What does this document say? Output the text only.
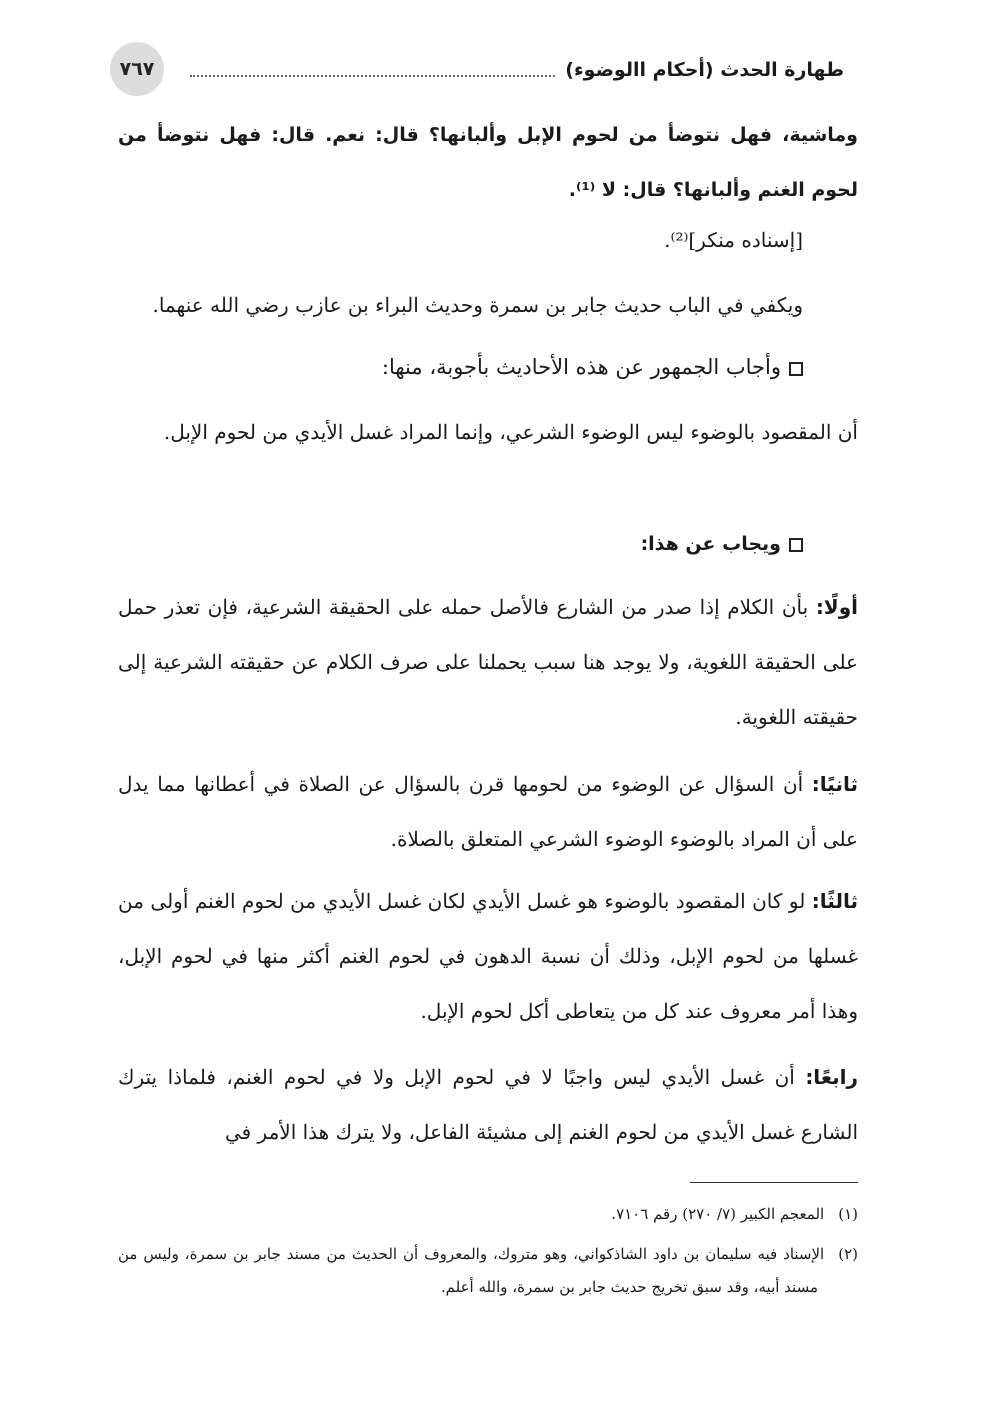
٧٦٧	طهارة الحدث (أحكام االوضوء)
وماشية، فهل نتوضأ من لحوم الإبل وألبانها؟ قال: نعم. قال: فهل نتوضأ من لحوم الغنم وألبانها؟ قال: لا ⁽¹⁾.
[إسناده منكر]⁽²⁾.
ويكفي في الباب حديث جابر بن سمرة وحديث البراء بن عازب رضي الله عنهما.
وأجاب الجمهور عن هذه الأحاديث بأجوبة، منها:
أن المقصود بالوضوء ليس الوضوء الشرعي، وإنما المراد غسل الأيدي من لحوم الإبل.
ويجاب عن هذا:
أولًا: بأن الكلام إذا صدر من الشارع فالأصل حمله على الحقيقة الشرعية، فإن تعذر حمل على الحقيقة اللغوية، ولا يوجد هنا سبب يحملنا على صرف الكلام عن حقيقته الشرعية إلى حقيقته اللغوية.
ثانيًا: أن السؤال عن الوضوء من لحومها قرن بالسؤال عن الصلاة في أعطانها مما يدل على أن المراد بالوضوء الوضوء الشرعي المتعلق بالصلاة.
ثالثًا: لو كان المقصود بالوضوء هو غسل الأيدي لكان غسل الأيدي من لحوم الغنم أولى من غسلها من لحوم الإبل، وذلك أن نسبة الدهون في لحوم الغنم أكثر منها في لحوم الإبل، وهذا أمر معروف عند كل من يتعاطى أكل لحوم الإبل.
رابعًا: أن غسل الأيدي ليس واجبًا لا في لحوم الإبل ولا في لحوم الغنم، فلماذا يترك الشارع غسل الأيدي من لحوم الغنم إلى مشيئة الفاعل، ولا يترك هذا الأمر في
(١)المعجم الكبير (٧/ ٢٧٠) رقم ٧١٠٦.
(٢)الإسناد فيه سليمان بن داود الشاذكواني، وهو متروك، والمعروف أن الحديث من مسند جابر بن سمرة، وليس من مسند أبيه، وقد سبق تخريج حديث جابر بن سمرة، والله أعلم.
